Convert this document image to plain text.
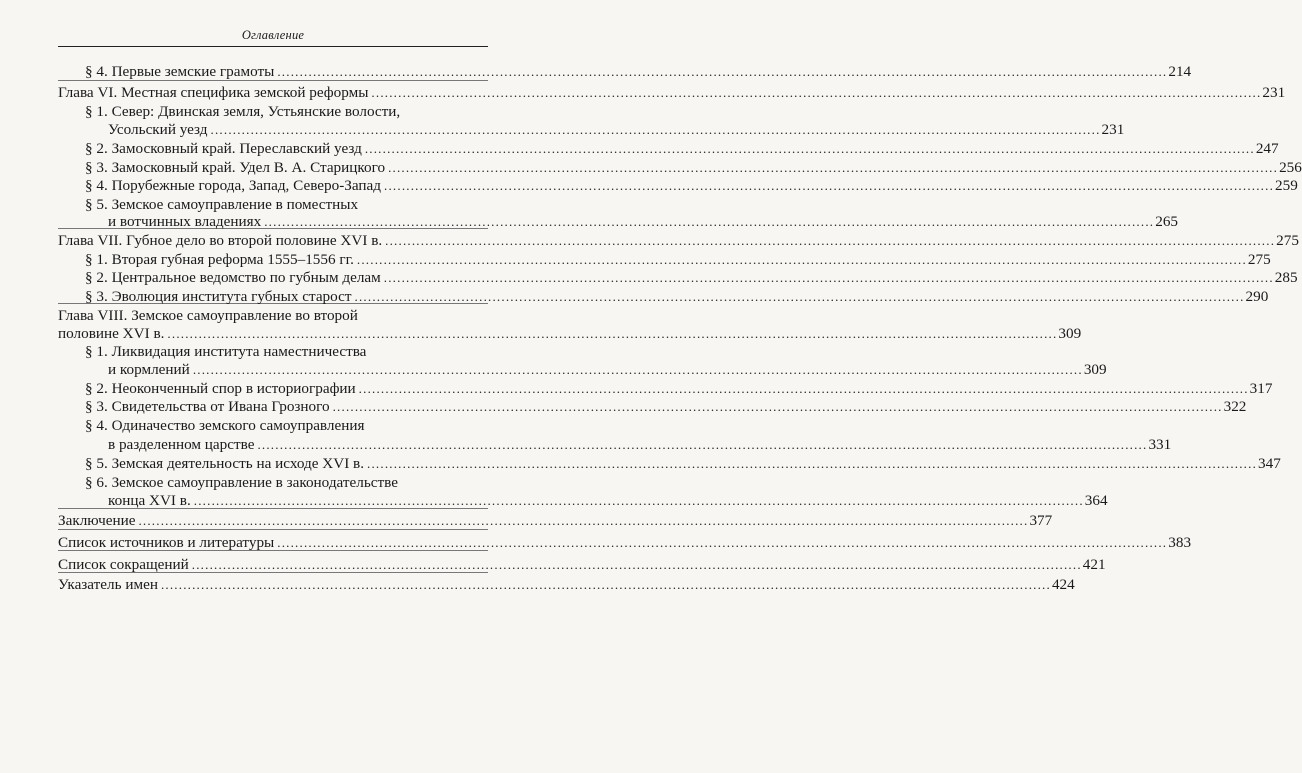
Оглавление
§ 4. Первые земские грамоты ........................................................................................................................................................................................................ 214
Глава VI. Местная специфика земской реформы ........................................................................................................................................................................................................ 231
§ 1. Север: Двинская земля, Устьянские волости,
Усольский уезд ........................................................................................................................................................................................................ 231
§ 2. Замосковный край. Переславский уезд ........................................................................................................................................................................................................ 247
§ 3. Замосковный край. Удел В. А. Старицкого ........................................................................................................................................................................................................ 256
§ 4. Порубежные города, Запад, Северо-Запад ........................................................................................................................................................................................................ 259
§ 5. Земское самоуправление в поместных
и вотчинных владениях ........................................................................................................................................................................................................ 265
Глава VII. Губное дело во второй половине XVI в. ........................................................................................................................................................................................................ 275
§ 1. Вторая губная реформа 1555–1556 гг. ........................................................................................................................................................................................................ 275
§ 2. Центральное ведомство по губным делам ........................................................................................................................................................................................................ 285
§ 3. Эволюция института губных старост ........................................................................................................................................................................................................ 290
Глава VIII. Земское самоуправление во второй
половине XVI в. ........................................................................................................................................................................................................ 309
§ 1. Ликвидация института наместничества
и кормлений ........................................................................................................................................................................................................ 309
§ 2. Неоконченный спор в историографии ........................................................................................................................................................................................................ 317
§ 3. Свидетельства от Ивана Грозного ........................................................................................................................................................................................................ 322
§ 4. Одиначество земского самоуправления
в разделенном царстве ........................................................................................................................................................................................................ 331
§ 5. Земская деятельность на исходе XVI в. ........................................................................................................................................................................................................ 347
§ 6. Земское самоуправление в законодательстве
конца XVI в. ........................................................................................................................................................................................................ 364
Заключение ........................................................................................................................................................................................................ 377
Список источников и литературы ........................................................................................................................................................................................................ 383
Список сокращений ........................................................................................................................................................................................................ 421
Указатель имен ........................................................................................................................................................................................................ 424
